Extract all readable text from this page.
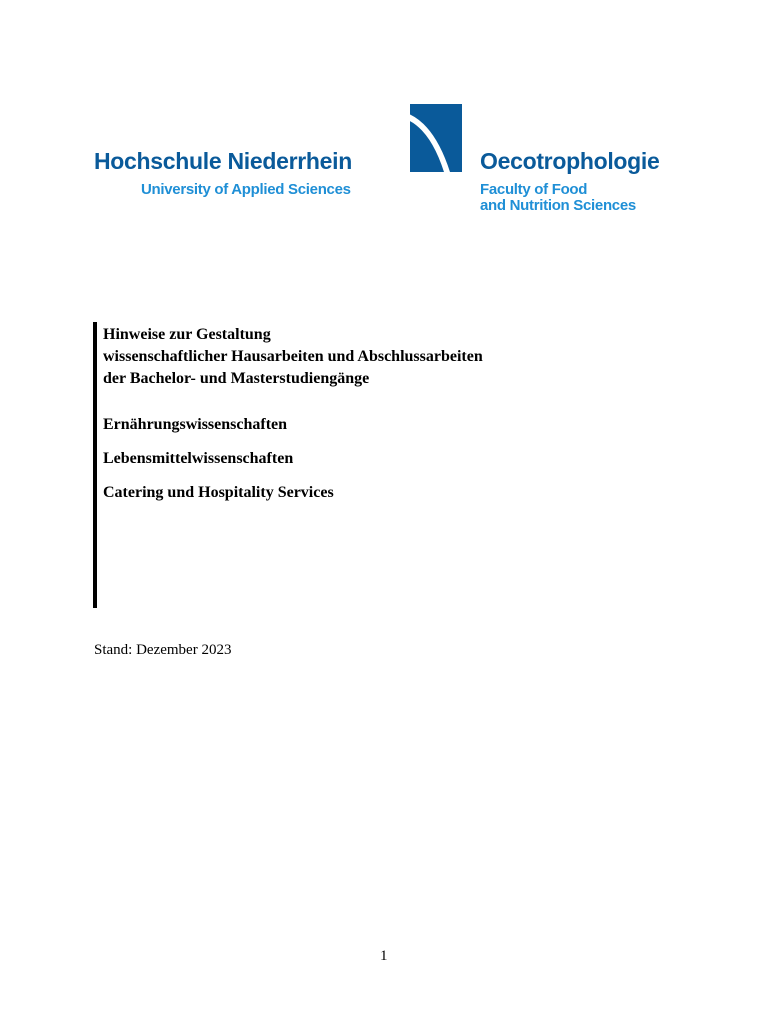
Hochschule Niederrhein
University of Applied Sciences
Oecotrophologie
Faculty of Food
and Nutrition Sciences
Hinweise zur Gestaltung
wissenschaftlicher Hausarbeiten und Abschlussarbeiten
der Bachelor- und Masterstudiengänge
Ernährungswissenschaften
Lebensmittelwissenschaften
Catering und Hospitality Services
Stand: Dezember 2023
1
